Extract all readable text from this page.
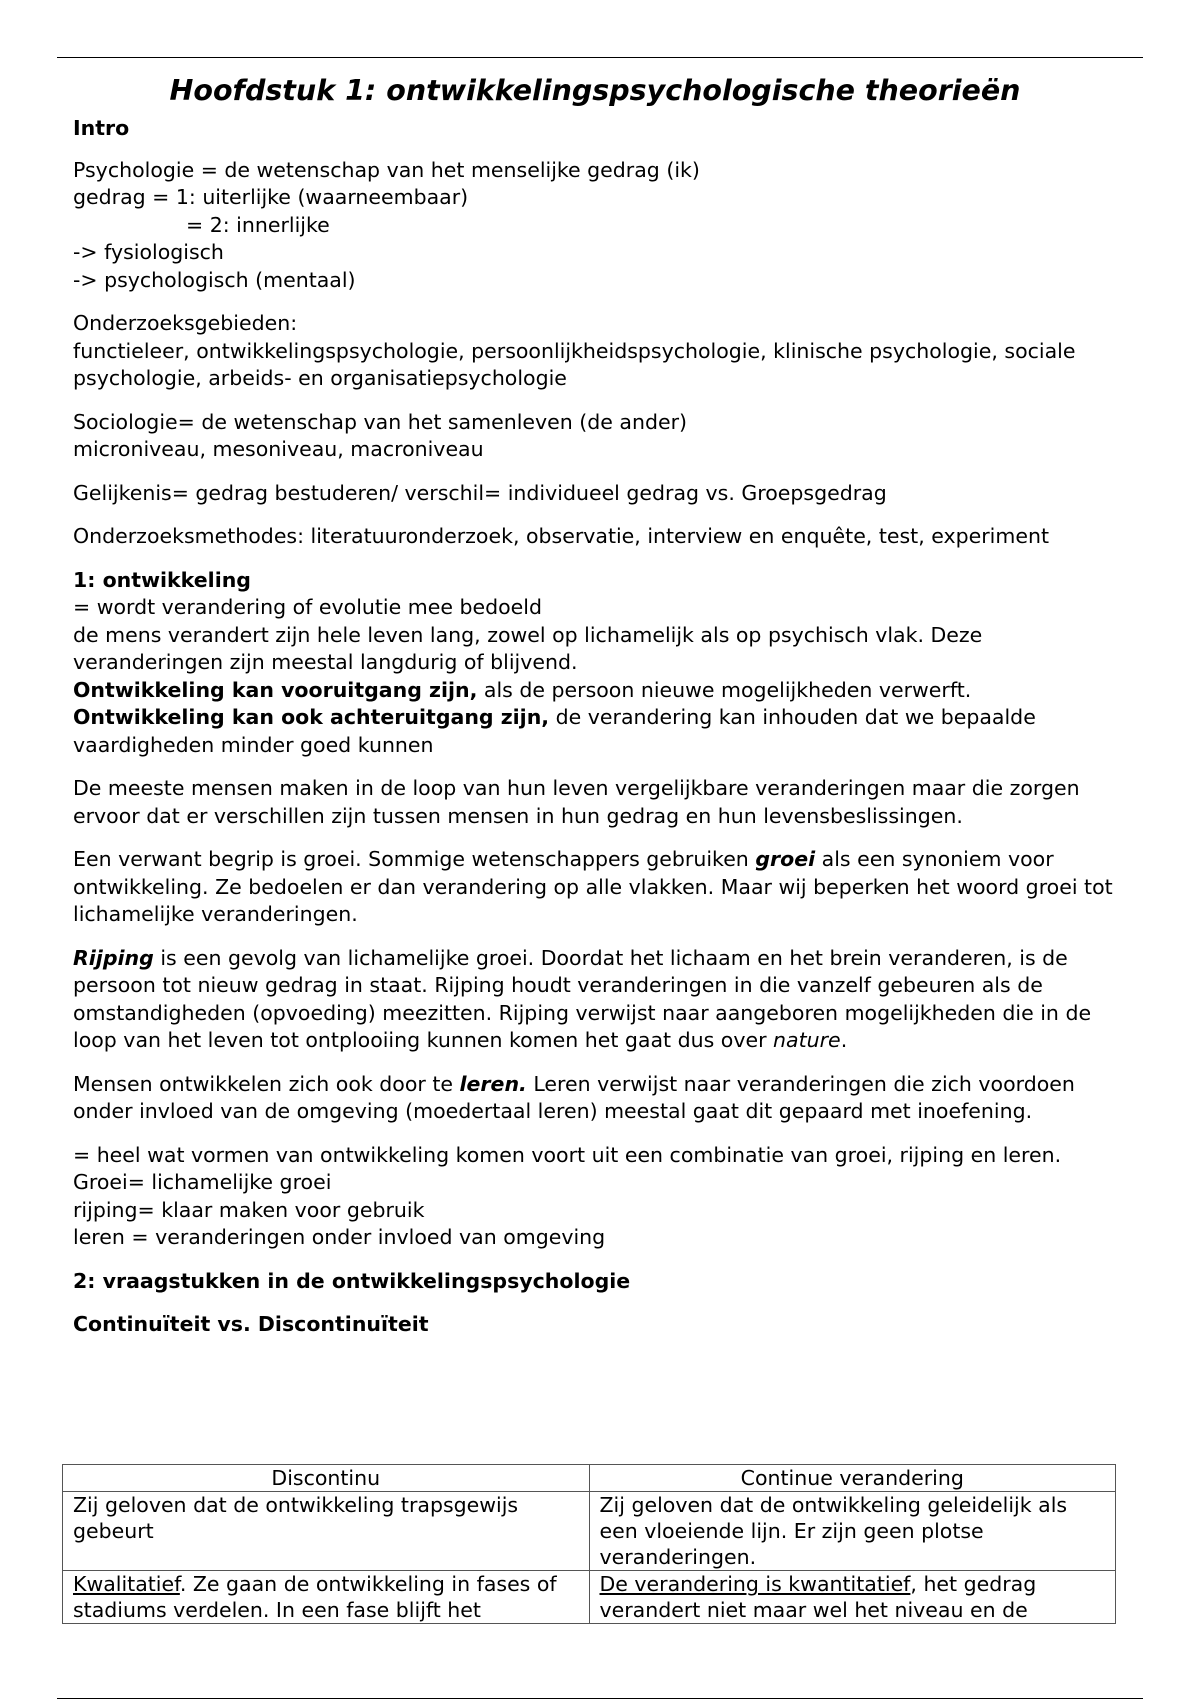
Hoofdstuk 1: ontwikkelingspsychologische theorieën

Intro

Psychologie = de wetenschap van het menselijke gedrag (ik)
gedrag = 1: uiterlijke (waarneembaar)
= 2: innerlijke
-> fysiologisch
-> psychologisch (mentaal)

Onderzoeksgebieden:
functieleer, ontwikkelingspsychologie, persoonlijkheidspsychologie, klinische psychologie, sociale psychologie, arbeids- en organisatiepsychologie

Sociologie= de wetenschap van het samenleven (de ander)
microniveau, mesoniveau, macroniveau

Gelijkenis= gedrag bestuderen/ verschil= individueel gedrag vs. Groepsgedrag

Onderzoeksmethodes: literatuuronderzoek, observatie, interview en enquête, test, experiment

1: ontwikkeling
= wordt verandering of evolutie mee bedoeld
de mens verandert zijn hele leven lang, zowel op lichamelijk als op psychisch vlak. Deze veranderingen zijn meestal langdurig of blijvend.
Ontwikkeling kan vooruitgang zijn, als de persoon nieuwe mogelijkheden verwerft.
Ontwikkeling kan ook achteruitgang zijn, de verandering kan inhouden dat we bepaalde vaardigheden minder goed kunnen

De meeste mensen maken in de loop van hun leven vergelijkbare veranderingen maar die zorgen ervoor dat er verschillen zijn tussen mensen in hun gedrag en hun levensbeslissingen.

Een verwant begrip is groei. Sommige wetenschappers gebruiken groei als een synoniem voor ontwikkeling. Ze bedoelen er dan verandering op alle vlakken. Maar wij beperken het woord groei tot lichamelijke veranderingen.

Rijping is een gevolg van lichamelijke groei. Doordat het lichaam en het brein veranderen, is de persoon tot nieuw gedrag in staat. Rijping houdt veranderingen in die vanzelf gebeuren als de omstandigheden (opvoeding) meezitten. Rijping verwijst naar aangeboren mogelijkheden die in de loop van het leven tot ontplooiing kunnen komen het gaat dus over nature.

Mensen ontwikkelen zich ook door te leren. Leren verwijst naar veranderingen die zich voordoen onder invloed van de omgeving (moedertaal leren) meestal gaat dit gepaard met inoefening.

= heel wat vormen van ontwikkeling komen voort uit een combinatie van groei, rijping en leren.
Groei= lichamelijke groei
rijping= klaar maken voor gebruik
leren = veranderingen onder invloed van omgeving

2: vraagstukken in de ontwikkelingspsychologie

Continuïteit vs. Discontinuïteit

Discontinu	Continue verandering
Zij geloven dat de ontwikkeling trapsgewijs gebeurt	Zij geloven dat de ontwikkeling geleidelijk als een vloeiende lijn. Er zijn geen plotse veranderingen.
Kwalitatief. Ze gaan de ontwikkeling in fases of stadiums verdelen. In een fase blijft het	De verandering is kwantitatief, het gedrag verandert niet maar wel het niveau en de
